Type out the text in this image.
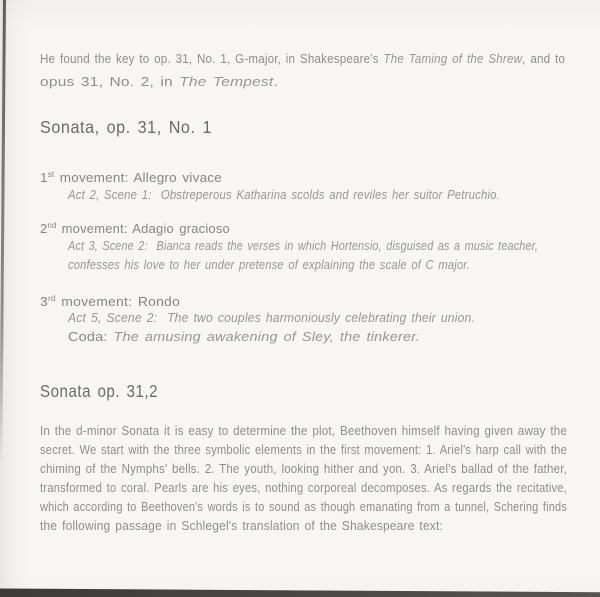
He found the key to op. 31, No. 1, G-major, in Shakespeare's The Taming of the Shrew, and to
opus 31, No. 2, in The Tempest.
Sonata, op. 31, No. 1
1st movement: Allegro vivace
Act 2, Scene 1:  Obstreperous Katharina scolds and reviles her suitor Petruchio.
2nd movement: Adagio gracioso
Act 3, Scene 2:  Bianca reads the verses in which Hortensio, disguised as a music teacher,
confesses his love to her under pretense of explaining the scale of C major.
3rd movement: Rondo
Act 5, Scene 2:  The two couples harmoniously celebrating their union.
Coda: The amusing awakening of Sley, the tinkerer.
Sonata op. 31,2
In the d-minor Sonata it is easy to determine the plot, Beethoven himself having given away the
secret. We start with the three symbolic elements in the first movement: 1. Ariel's harp call with the
chiming of the Nymphs' bells. 2. The youth, looking hither and yon. 3. Ariel's ballad of the father,
transformed to coral. Pearls are his eyes, nothing corporeal decomposes. As regards the recitative,
which according to Beethoven's words is to sound as though emanating from a tunnel, Schering finds
the following passage in Schlegel's translation of the Shakespeare text:
